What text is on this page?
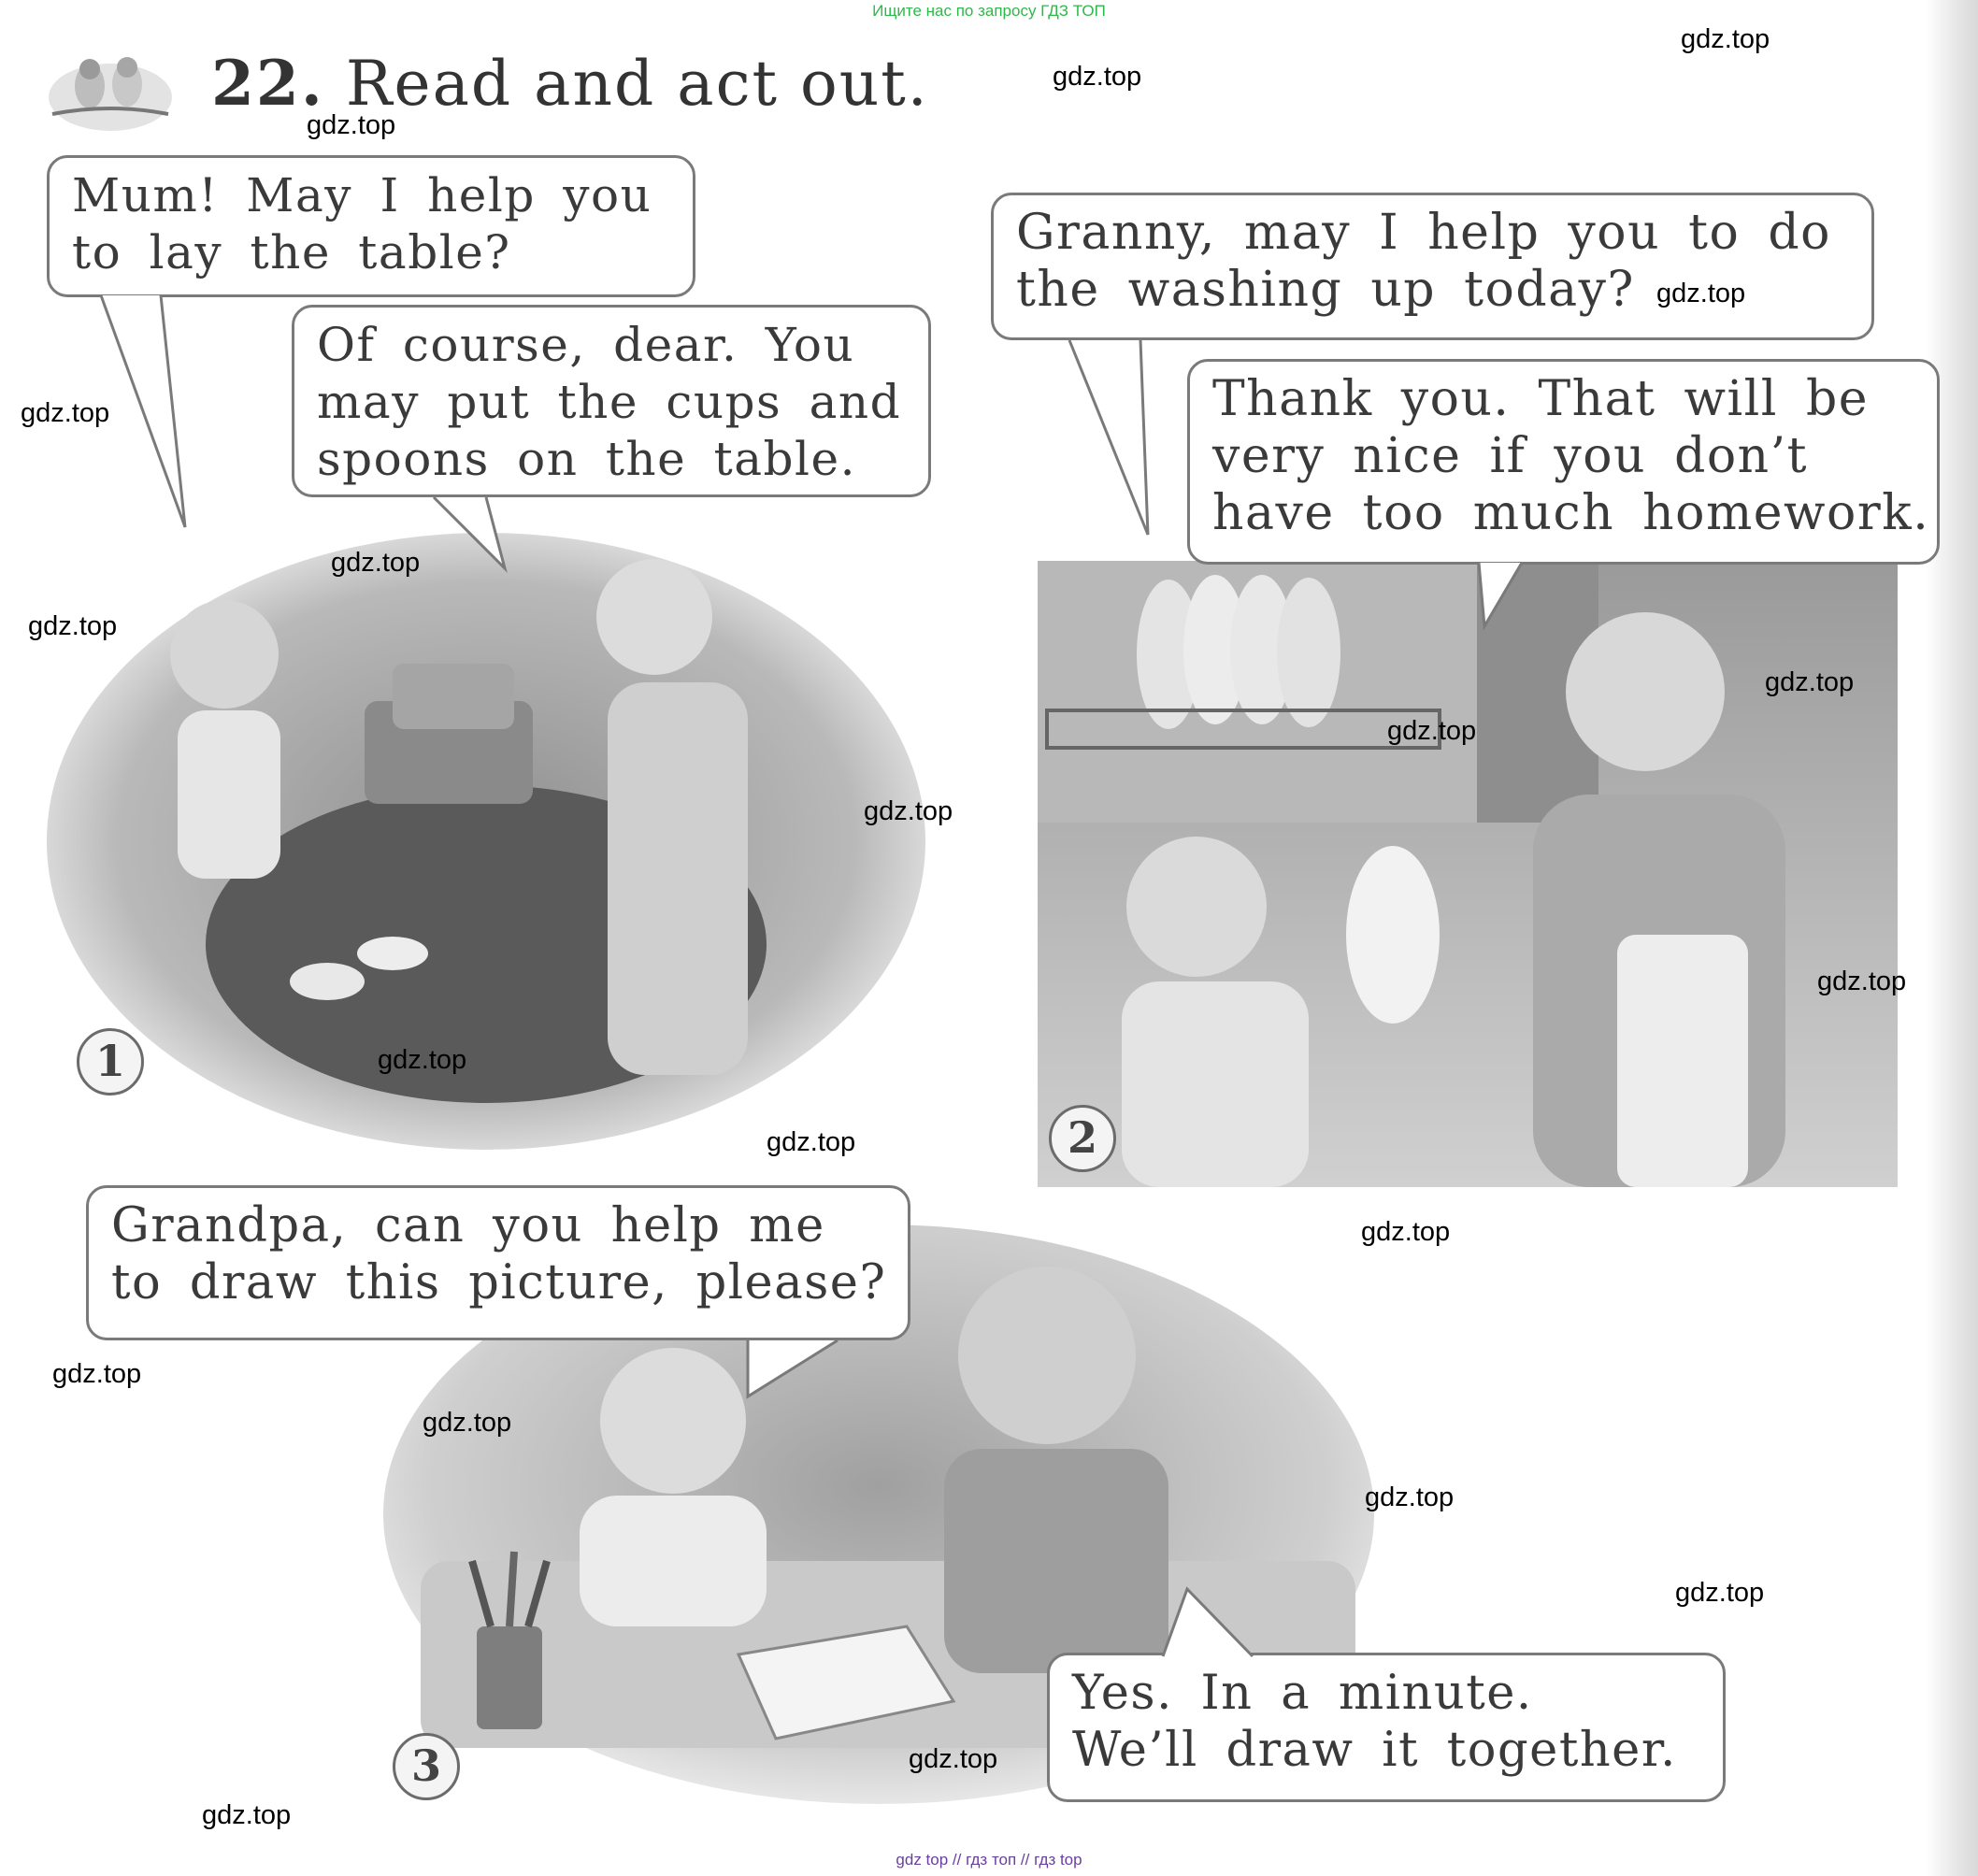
Ищите нас по запросу ГДЗ ТОП
gdz top // гдз топ // гдз top
22. Read and act out.
Mum! May I help you
to lay the table?
Of course, dear. You
may put the cups and
spoons on the table.
1
Granny, may I help you to do
the washing up today?
Thank you. That will be
very nice if you don’t
have too much homework.
2
Grandpa, can you help me
to draw this picture, please?
Yes. In a minute.
We’ll draw it together.
3
gdz.top
gdz.top
gdz.top
gdz.top
gdz.top
gdz.top
gdz.top
gdz.top
gdz.top
gdz.top
gdz.top
gdz.top
gdz.top
gdz.top
gdz.top
gdz.top
gdz.top
gdz.top
gdz.top
gdz.top
